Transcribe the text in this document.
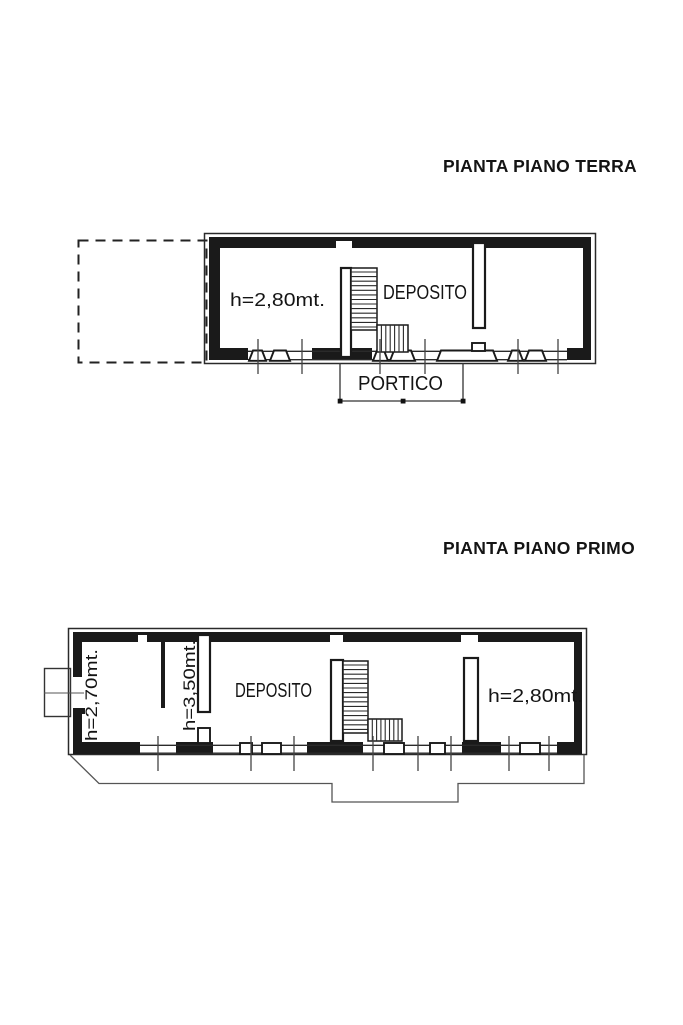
PIANTA PIANO TERRA
h=2,80mt.	DEPOSITO
PORTICO
PIANTA PIANO PRIMO
h=2,70mt.	h=3,50mt. DEPOSITO	h=2,80mt.
